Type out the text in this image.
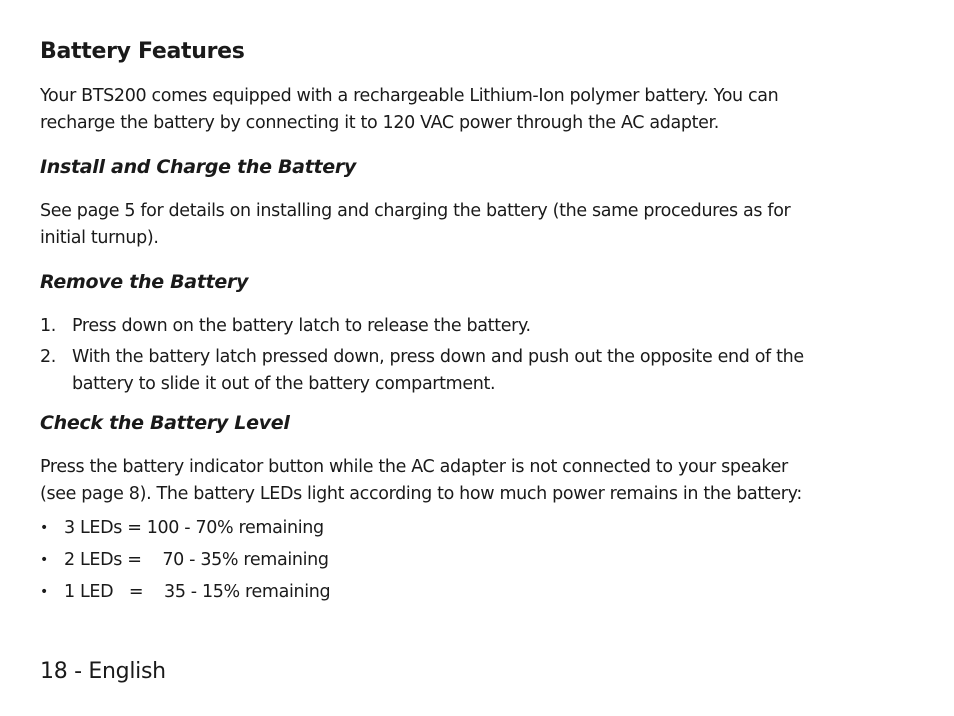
Battery Features
Your BTS200 comes equipped with a rechargeable Lithium-Ion polymer battery. You can
recharge the battery by connecting it to 120 VAC power through the AC adapter.
Install and Charge the Battery
See page 5 for details on installing and charging the battery (the same procedures as for
initial turnup).
Remove the Battery
1. Press down on the battery latch to release the battery.
2. With the battery latch pressed down, press down and push out the opposite end of the
battery to slide it out of the battery compartment.
Check the Battery Level
Press the battery indicator button while the AC adapter is not connected to your speaker
(see page 8). The battery LEDs light according to how much power remains in the battery:
• 3 LEDs = 100 - 70% remaining
• 2 LEDs =    70 - 35% remaining
• 1 LED   =    35 - 15% remaining
18 - English
